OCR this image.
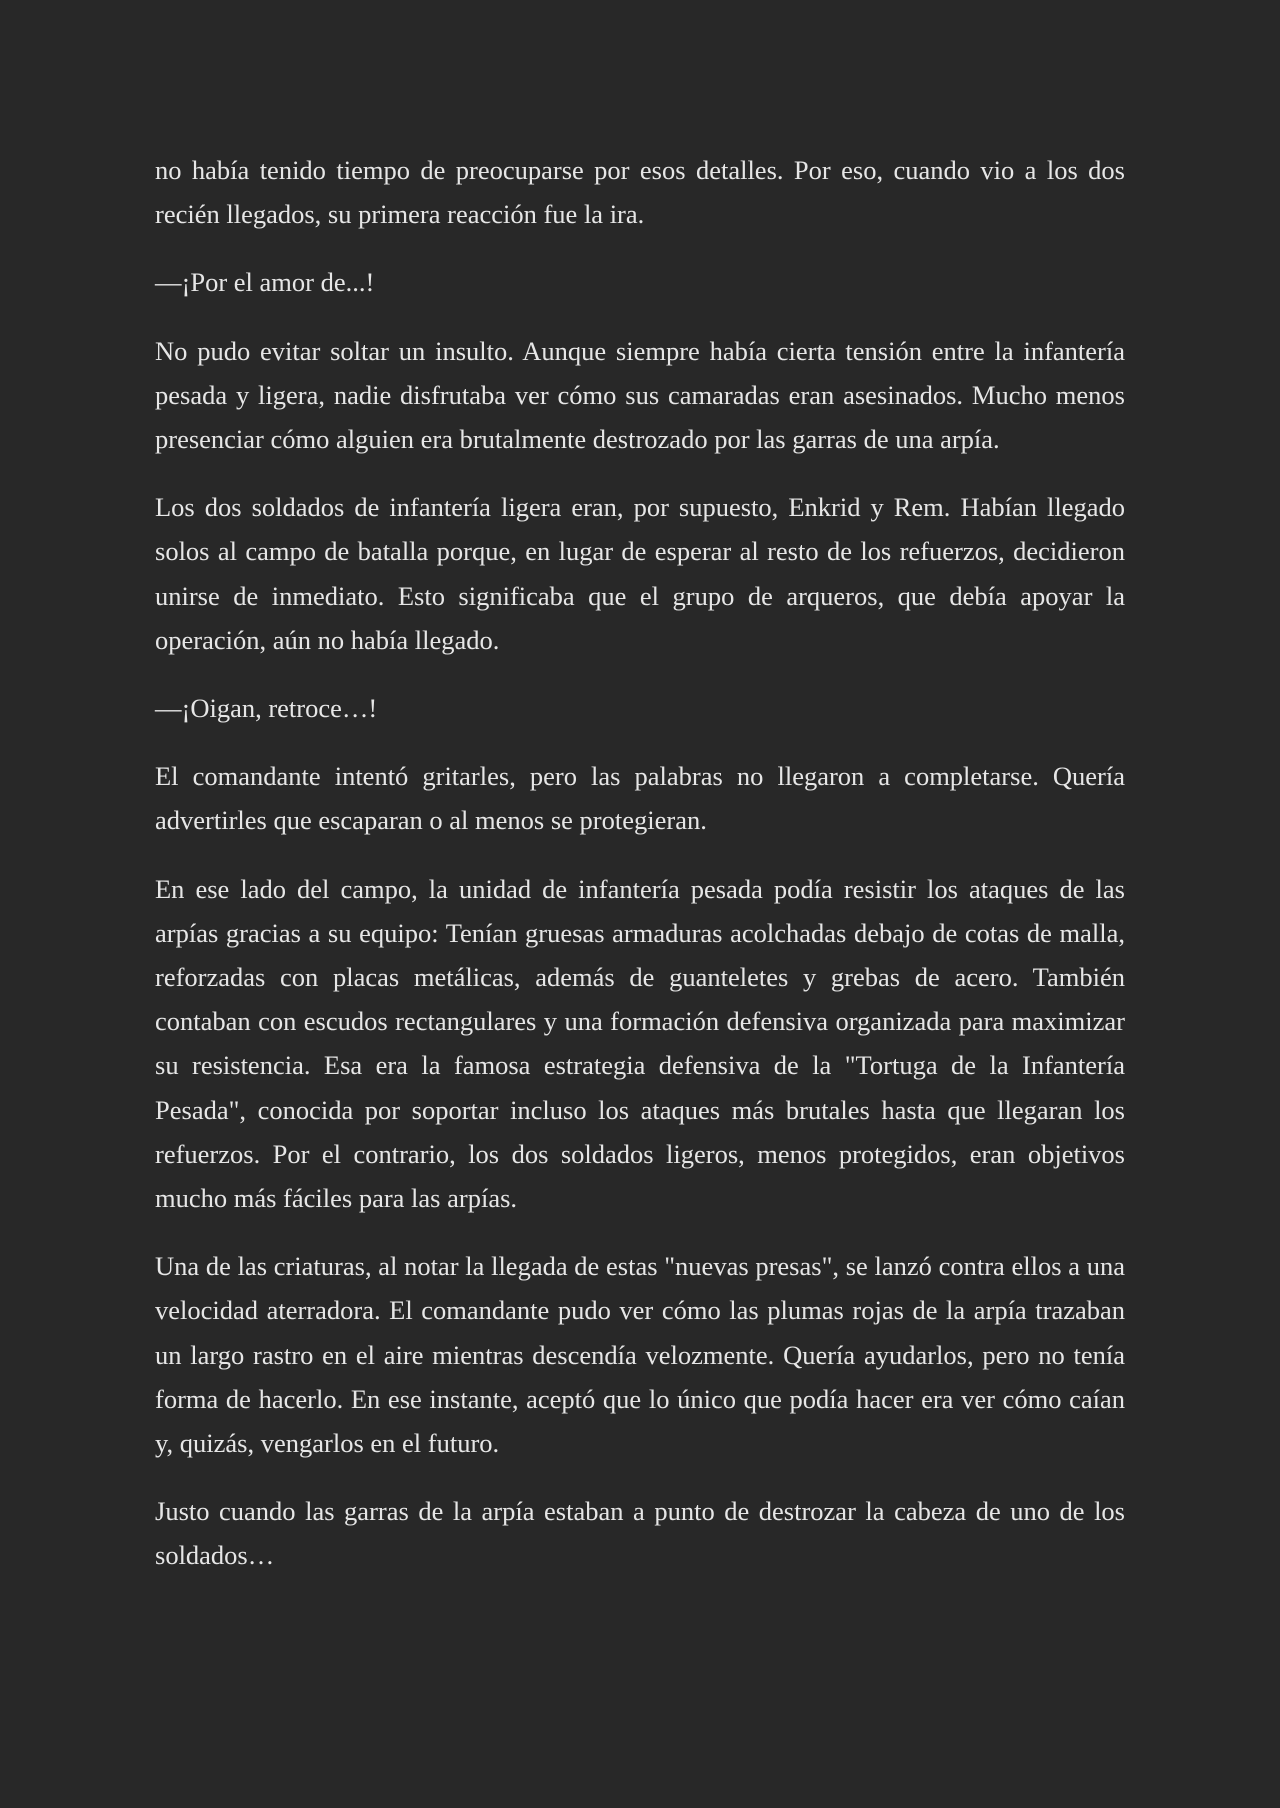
no había tenido tiempo de preocuparse por esos detalles. Por eso, cuando vio a los dos recién llegados, su primera reacción fue la ira.

—¡Por el amor de...!

No pudo evitar soltar un insulto. Aunque siempre había cierta tensión entre la infantería pesada y ligera, nadie disfrutaba ver cómo sus camaradas eran asesinados. Mucho menos presenciar cómo alguien era brutalmente destrozado por las garras de una arpía.

Los dos soldados de infantería ligera eran, por supuesto, Enkrid y Rem. Habían llegado solos al campo de batalla porque, en lugar de esperar al resto de los refuerzos, decidieron unirse de inmediato. Esto significaba que el grupo de arqueros, que debía apoyar la operación, aún no había llegado.

—¡Oigan, retroce…!

El comandante intentó gritarles, pero las palabras no llegaron a completarse. Quería advertirles que escaparan o al menos se protegieran.

En ese lado del campo, la unidad de infantería pesada podía resistir los ataques de las arpías gracias a su equipo: Tenían gruesas armaduras acolchadas debajo de cotas de malla, reforzadas con placas metálicas, además de guanteletes y grebas de acero. También contaban con escudos rectangulares y una formación defensiva organizada para maximizar su resistencia. Esa era la famosa estrategia defensiva de la "Tortuga de la Infantería Pesada", conocida por soportar incluso los ataques más brutales hasta que llegaran los refuerzos. Por el contrario, los dos soldados ligeros, menos protegidos, eran objetivos mucho más fáciles para las arpías.

Una de las criaturas, al notar la llegada de estas "nuevas presas", se lanzó contra ellos a una velocidad aterradora. El comandante pudo ver cómo las plumas rojas de la arpía trazaban un largo rastro en el aire mientras descendía velozmente. Quería ayudarlos, pero no tenía forma de hacerlo. En ese instante, aceptó que lo único que podía hacer era ver cómo caían y, quizás, vengarlos en el futuro.

Justo cuando las garras de la arpía estaban a punto de destrozar la cabeza de uno de los soldados…
